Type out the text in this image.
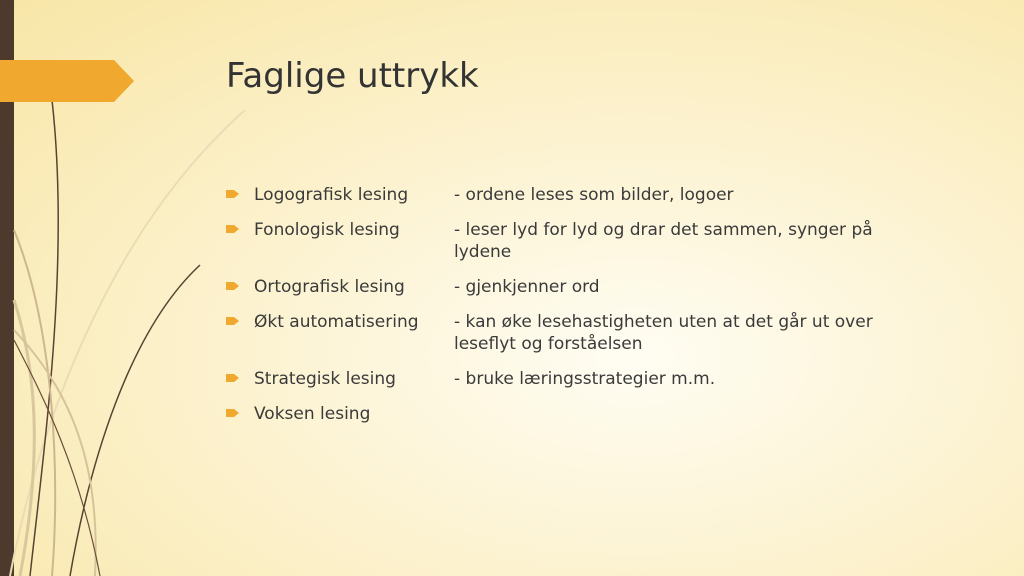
Faglige uttrykk
Logografisk lesing	- ordene leses som bilder, logoer
Fonologisk lesing	- leser lyd for lyd og drar det sammen, synger på lydene
Ortografisk lesing	- gjenkjenner ord
Økt automatisering	- kan øke lesehastigheten uten at det går ut over leseflyt og forståelsen
Strategisk lesing	- bruke læringsstrategier m.m.
Voksen lesing
